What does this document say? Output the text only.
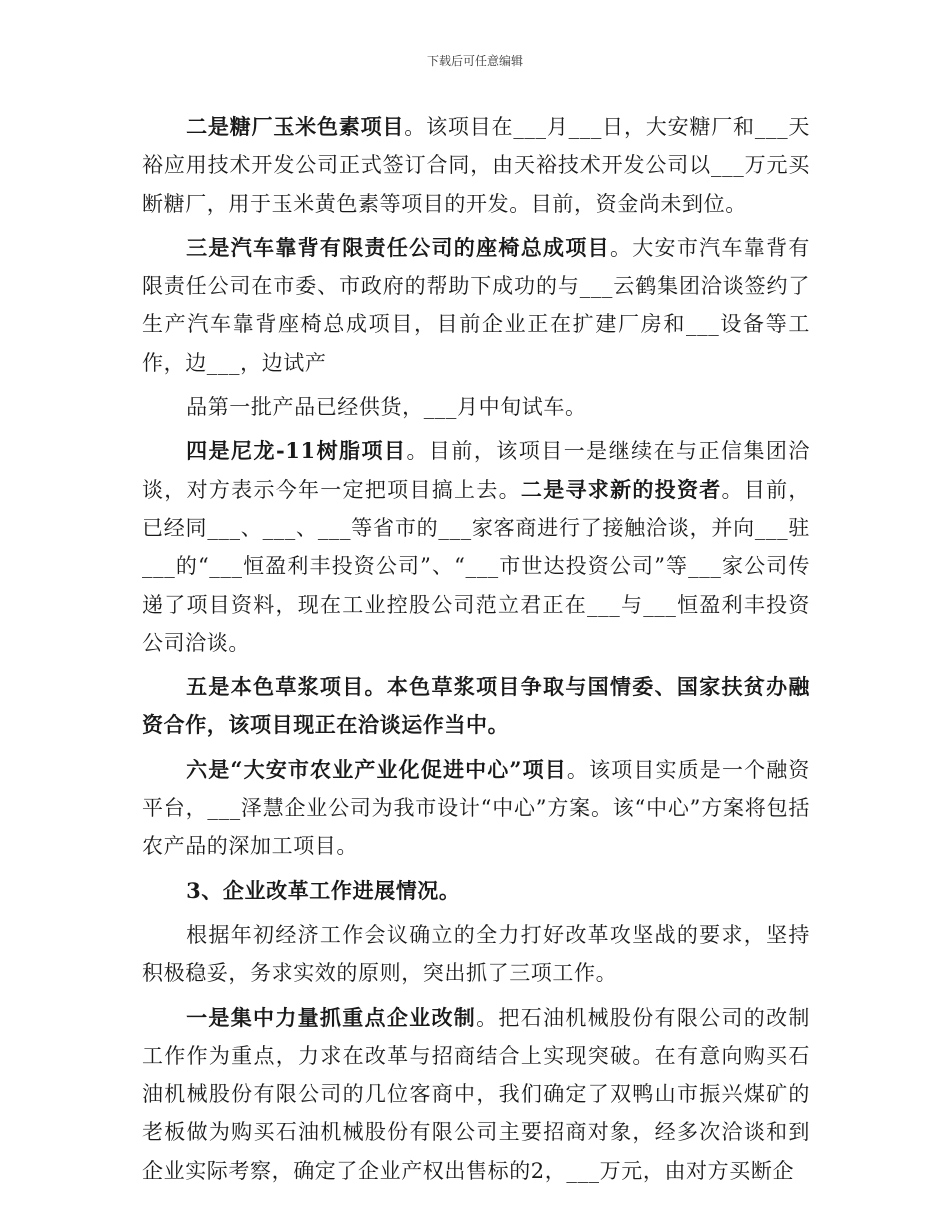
下载后可任意编辑

二是糖厂玉米色素项目。该项目在___月___日，大安糖厂和___天裕应用技术开发公司正式签订合同，由天裕技术开发公司以___万元买断糖厂，用于玉米黄色素等项目的开发。目前，资金尚未到位。

三是汽车靠背有限责任公司的座椅总成项目。大安市汽车靠背有限责任公司在市委、市政府的帮助下成功的与___云鹤集团洽谈签约了生产汽车靠背座椅总成项目，目前企业正在扩建厂房和___设备等工作，边___，边试产

品第一批产品已经供货，___月中旬试车。

四是尼龙-11树脂项目。目前，该项目一是继续在与正信集团洽谈，对方表示今年一定把项目搞上去。二是寻求新的投资者。目前，已经同___、___、___等省市的___家客商进行了接触洽谈，并向___驻___的“___恒盈利丰投资公司”、“___市世达投资公司”等___家公司传递了项目资料，现在工业控股公司范立君正在___与___恒盈利丰投资公司洽谈。

五是本色草浆项目。本色草浆项目争取与国情委、国家扶贫办融资合作，该项目现正在洽谈运作当中。

六是“大安市农业产业化促进中心”项目。该项目实质是一个融资平台，___泽慧企业公司为我市设计“中心”方案。该“中心”方案将包括农产品的深加工项目。

3、企业改革工作进展情况。

根据年初经济工作会议确立的全力打好改革攻坚战的要求，坚持积极稳妥，务求实效的原则，突出抓了三项工作。

一是集中力量抓重点企业改制。把石油机械股份有限公司的改制工作作为重点，力求在改革与招商结合上实现突破。在有意向购买石油机械股份有限公司的几位客商中，我们确定了双鸭山市振兴煤矿的老板做为购买石油机械股份有限公司主要招商对象，经多次洽谈和到企业实际考察，确定了企业产权出售标的2，___万元，由对方买断企
